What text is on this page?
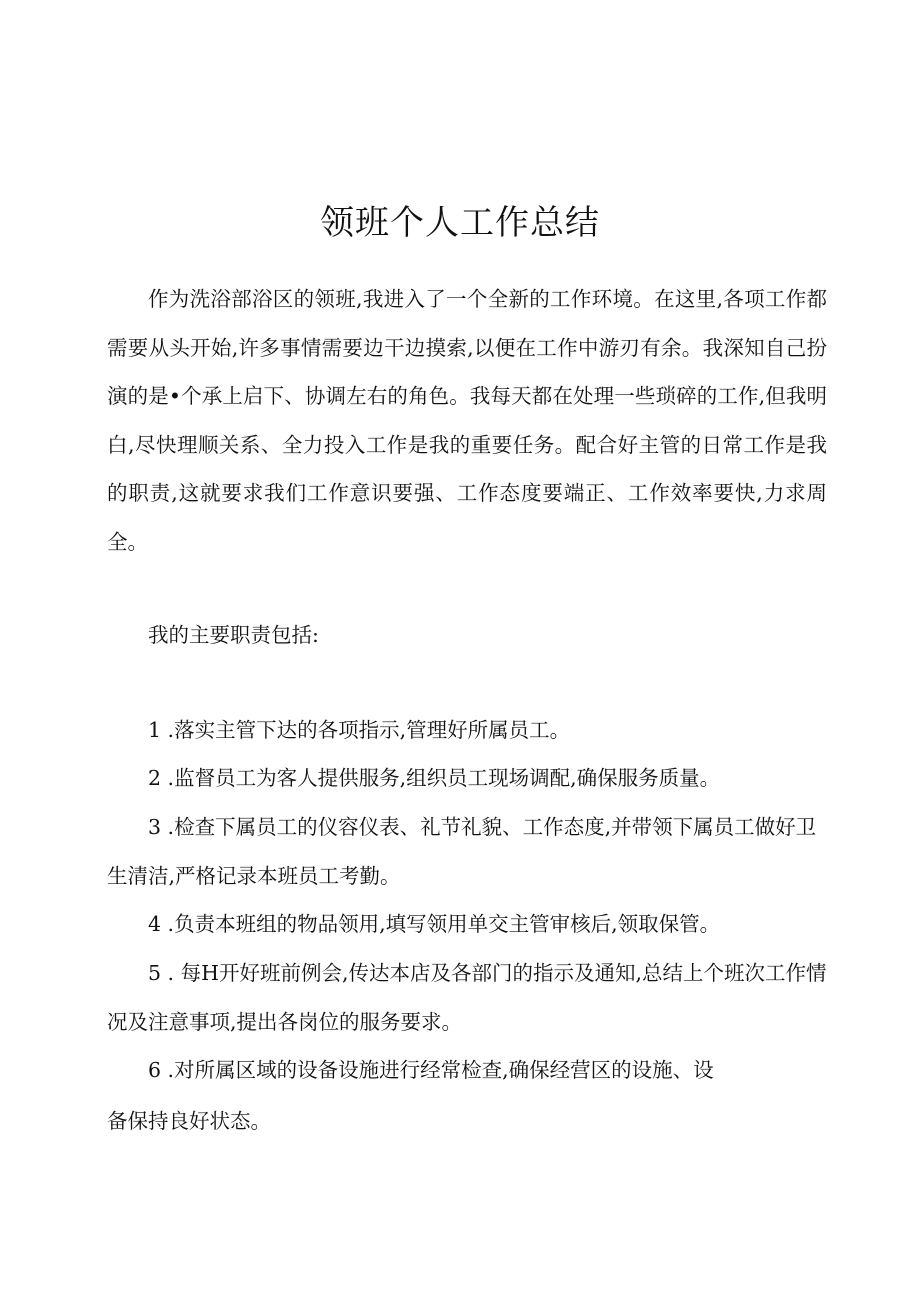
领班个人工作总结

作为洗浴部浴区的领班,我进入了一个全新的工作环境。在这里,各项工作都需要从头开始,许多事情需要边干边摸索,以便在工作中游刃有余。我深知自己扮演的是•个承上启下、协调左右的角色。我每天都在处理一些琐碎的工作,但我明白,尽快理顺关系、全力投入工作是我的重要任务。配合好主管的日常工作是我的职责,这就要求我们工作意识要强、工作态度要端正、工作效率要快,力求周全。

我的主要职责包括:

1 .落实主管下达的各项指示,管理好所属员工。

2 .监督员工为客人提供服务,组织员工现场调配,确保服务质量。

3 .检查下属员工的仪容仪表、礼节礼貌、工作态度,并带领下属员工做好卫生清洁,严格记录本班员工考勤。

4 .负责本班组的物品领用,填写领用单交主管审核后,领取保管。

5 . 每H开好班前例会,传达本店及各部门的指示及通知,总结上个班次工作情况及注意事项,提出各岗位的服务要求。

6 .对所属区域的设备设施进行经常检查,确保经营区的设施、设

备保持良好状态。
